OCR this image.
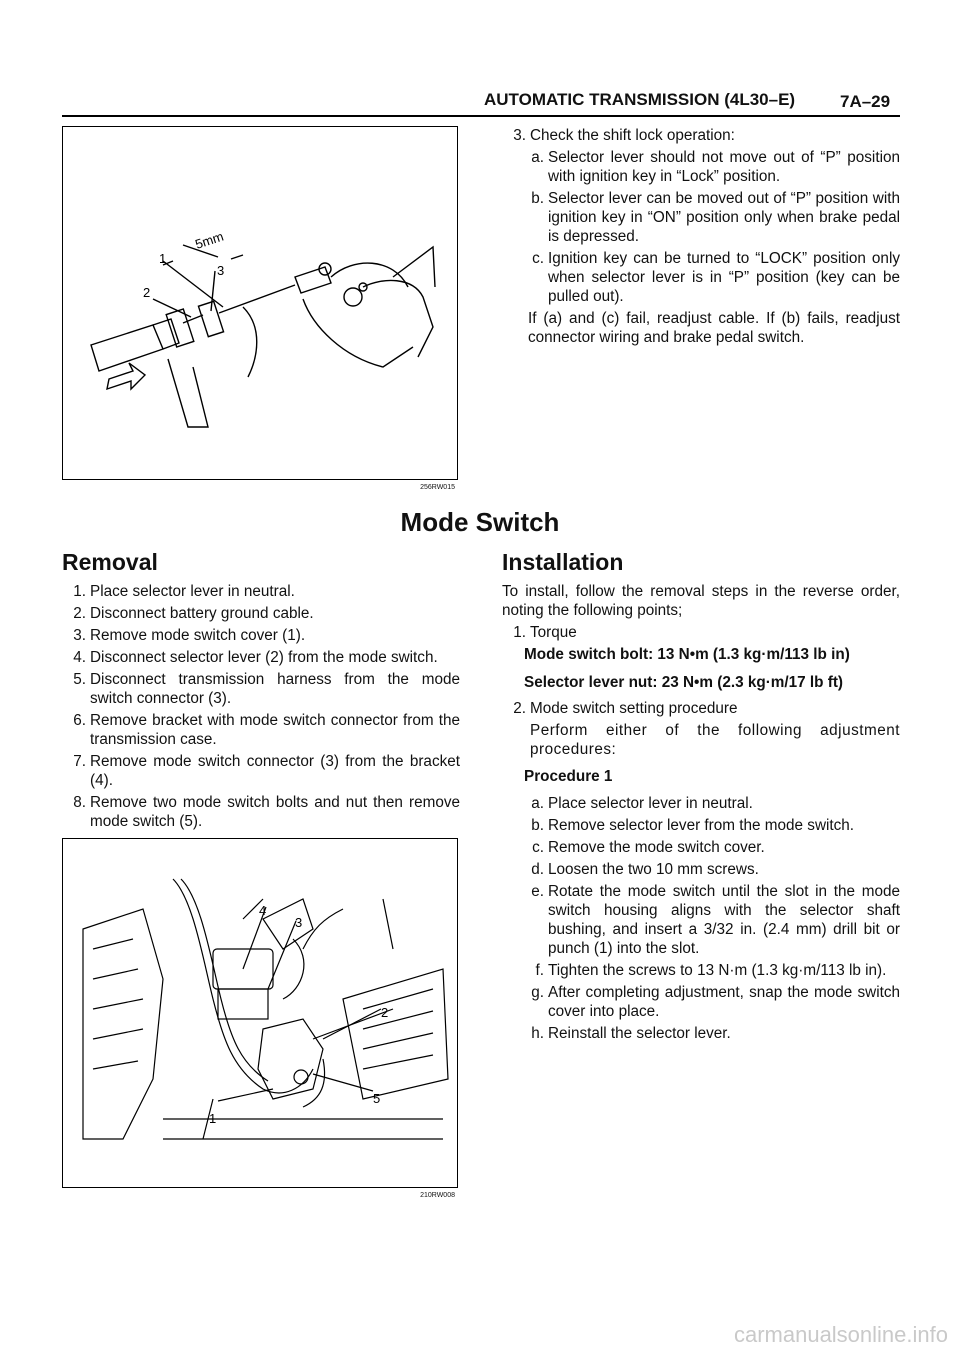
AUTOMATIC TRANSMISSION (4L30–E)	7A–29
1
2
3
5mm
256RW015
3. Check the shift lock operation:
a. Selector lever should not move out of “P” position with ignition key in “Lock” position.
b. Selector lever can be moved out of “P” position with ignition key in “ON” position only when brake pedal is depressed.
c. Ignition key can be turned to “LOCK” position only when selector lever is in “P” position (key can be pulled out).
If (a) and (c) fail, readjust cable. If (b) fails, readjust connector wiring and brake pedal switch.
Mode Switch
Removal
1. Place selector lever in neutral.
2. Disconnect battery ground cable.
3. Remove mode switch cover (1).
4. Disconnect selector lever (2) from the mode switch.
5. Disconnect transmission harness from the mode switch connector (3).
6. Remove bracket with mode switch connector from the transmission case.
7. Remove mode switch connector (3) from the bracket (4).
8. Remove two mode switch bolts and nut then remove mode switch (5).
4
3
2
5
1
210RW008
Installation
To install, follow the removal steps in the reverse order, noting the following points;
1. Torque
Mode switch bolt: 13 N•m (1.3 kg·m/113 lb in)
Selector lever nut: 23 N•m (2.3 kg·m/17 lb ft)
2. Mode switch setting procedure
Perform either of the following adjustment procedures:
Procedure 1
a. Place selector lever in neutral.
b. Remove selector lever from the mode switch.
c. Remove the mode switch cover.
d. Loosen the two 10 mm screws.
e. Rotate the mode switch until the slot in the mode switch housing aligns with the selector shaft bushing, and insert a 3/32 in. (2.4 mm) drill bit or punch (1) into the slot.
f. Tighten the screws to 13 N·m (1.3 kg·m/113 lb in).
g. After completing adjustment, snap the mode switch cover into place.
h. Reinstall the selector lever.
carmanualsonline.info
